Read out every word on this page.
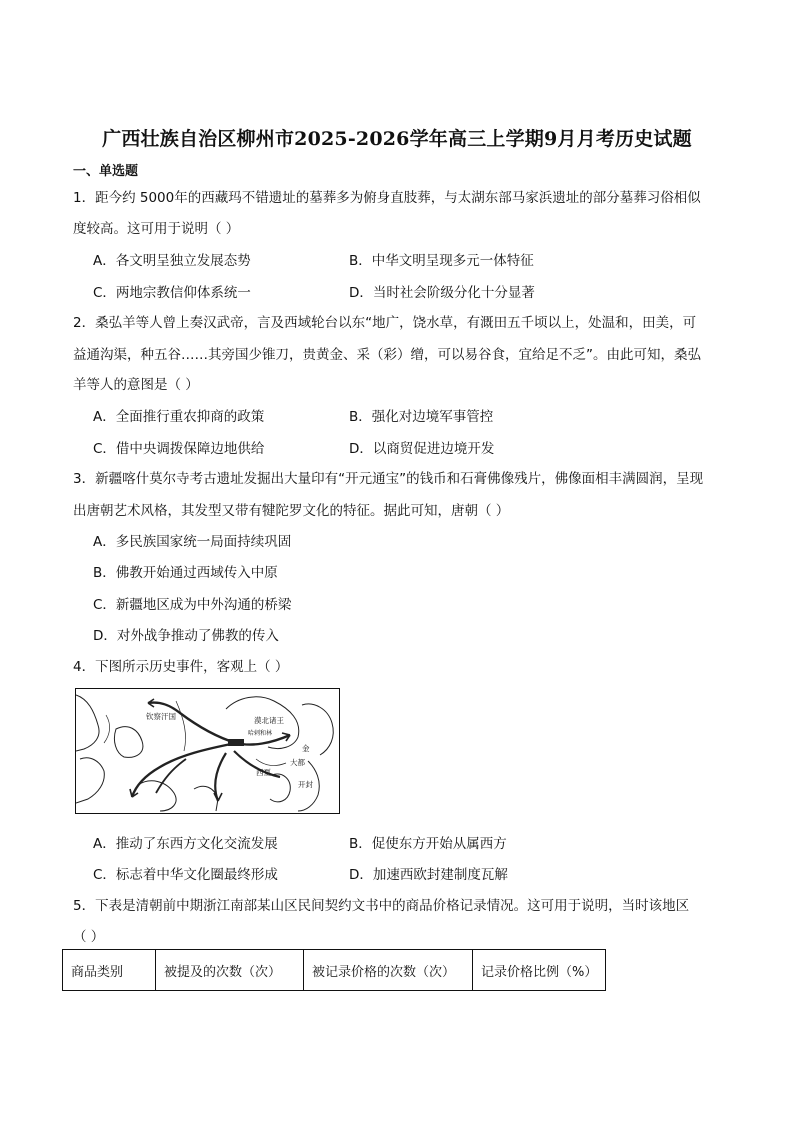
广西壮族自治区柳州市2025-2026学年高三上学期9月月考历史试题
一、单选题
1．距今约 5000年的西藏玛不错遗址的墓葬多为俯身直肢葬，与太湖东部马家浜遗址的部分墓葬习俗相似
度较高。这可用于说明（ ）
A．各文明呈独立发展态势	B．中华文明呈现多元一体特征
C．两地宗教信仰体系统一	D．当时社会阶级分化十分显著
2．桑弘羊等人曾上奏汉武帝，言及西域轮台以东“地广，饶水草，有溉田五千顷以上，处温和，田美，可
益通沟渠，种五谷……其旁国少锥刀，贵黄金、采（彩）缯，可以易谷食，宜给足不乏”。由此可知，桑弘
羊等人的意图是（ ）
A．全面推行重农抑商的政策	B．强化对边境军事管控
C．借中央调拨保障边地供给	D．以商贸促进边境开发
3．新疆喀什莫尔寺考古遗址发掘出大量印有“开元通宝”的钱币和石膏佛像残片，佛像面相丰满圆润，呈现
出唐朝艺术风格，其发型又带有犍陀罗文化的特征。据此可知，唐朝（ ）
A．多民族国家统一局面持续巩固
B．佛教开始通过西域传入中原
C．新疆地区成为中外沟通的桥梁
D．对外战争推动了佛教的传入
4．下图所示历史事件，客观上（ ）
钦察汗国	漠北诸王
哈剌和林
金
西夏
开封
大都
A．推动了东西方文化交流发展	B．促使东方开始从属西方
C．标志着中华文化圈最终形成	D．加速西欧封建制度瓦解
5．下表是清朝前中期浙江南部某山区民间契约文书中的商品价格记录情况。这可用于说明，当时该地区
（ ）
商品类别	被提及的次数（次）	被记录价格的次数（次）	记录价格比例（%）
